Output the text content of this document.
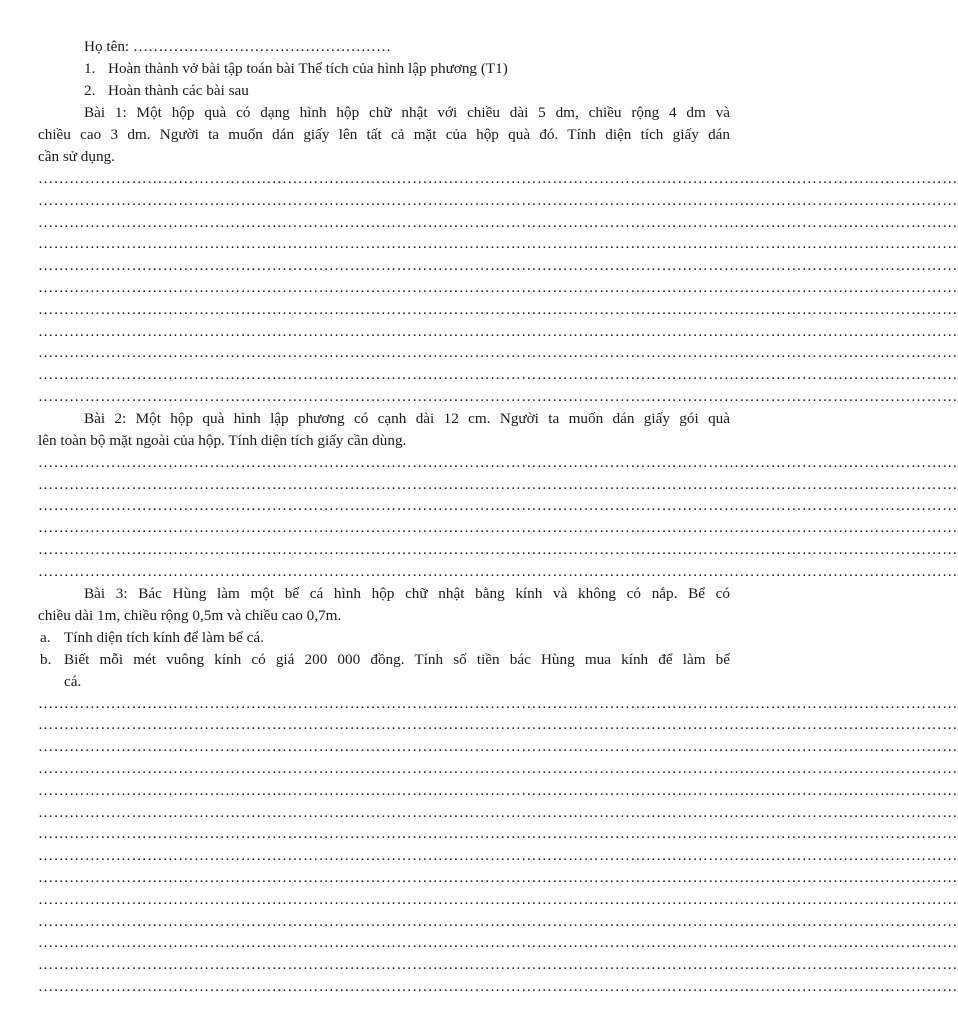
Họ tên: ……………………………………………
1. Hoàn thành vở bài tập toán bài Thể tích của hình lập phương (T1)
2. Hoàn thành các bài sau
Bài 1: Một hộp quà có dạng hình hộp chữ nhật với chiều dài 5 dm, chiều rộng 4 dm và
chiều cao 3 dm. Người ta muốn dán giấy lên tất cả mặt của hộp quà đó. Tính diện tích giấy dán
cần sử dụng.
……………………………………………………………………………………………………………………………………………………………
……………………………………………………………………………………………………………………………………………………………
……………………………………………………………………………………………………………………………………………………………
……………………………………………………………………………………………………………………………………………………………
……………………………………………………………………………………………………………………………………………………………
……………………………………………………………………………………………………………………………………………………………
……………………………………………………………………………………………………………………………………………………………
……………………………………………………………………………………………………………………………………………………………
……………………………………………………………………………………………………………………………………………………………
……………………………………………………………………………………………………………………………………………………………
……………………………………………………………………………………………………………………………………………………………
Bài 2: Một hộp quà hình lập phương có cạnh dài 12 cm. Người ta muốn dán giấy gói quà
lên toàn bộ mặt ngoài của hộp. Tính diện tích giấy cần dùng.
……………………………………………………………………………………………………………………………………………………………
……………………………………………………………………………………………………………………………………………………………
……………………………………………………………………………………………………………………………………………………………
……………………………………………………………………………………………………………………………………………………………
……………………………………………………………………………………………………………………………………………………………
……………………………………………………………………………………………………………………………………………………………
Bài 3: Bác Hùng làm một bể cá hình hộp chữ nhật bằng kính và không có nắp. Bể có
chiều dài 1m, chiều rộng 0,5m và chiều cao 0,7m.
a. Tính diện tích kính để làm bể cá.
b. Biết mỗi mét vuông kính có giá 200 000 đồng. Tính số tiền bác Hùng mua kính để làm bể
cá.
……………………………………………………………………………………………………………………………………………………………
……………………………………………………………………………………………………………………………………………………………
……………………………………………………………………………………………………………………………………………………………
……………………………………………………………………………………………………………………………………………………………
……………………………………………………………………………………………………………………………………………………………
……………………………………………………………………………………………………………………………………………………………
……………………………………………………………………………………………………………………………………………………………
……………………………………………………………………………………………………………………………………………………………
……………………………………………………………………………………………………………………………………………………………
……………………………………………………………………………………………………………………………………………………………
……………………………………………………………………………………………………………………………………………………………
……………………………………………………………………………………………………………………………………………………………
……………………………………………………………………………………………………………………………………………………………
……………………………………………………………………………………………………………………………………………………………
